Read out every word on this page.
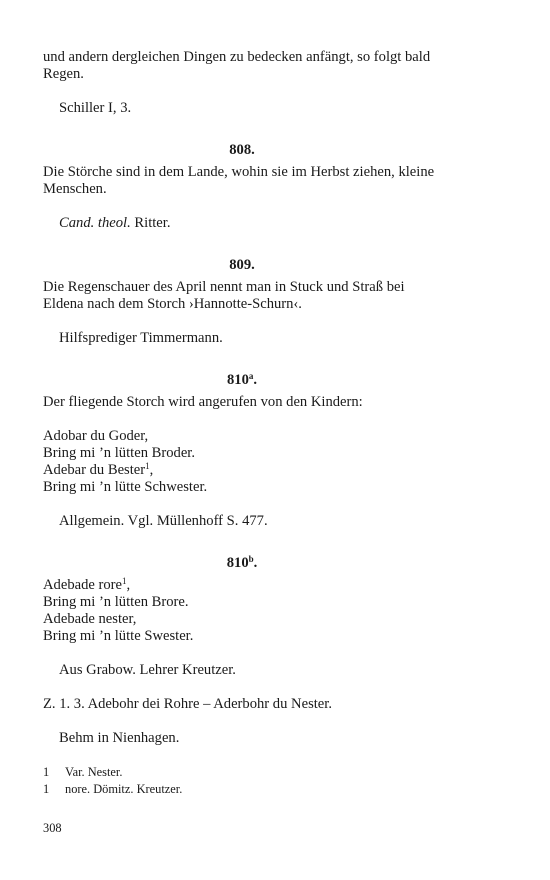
und andern dergleichen Dingen zu bedecken anfängt, so folgt bald Regen.

Schiller I, 3.

808.

Die Störche sind in dem Lande, wohin sie im Herbst ziehen, kleine Menschen.

Cand. theol. Ritter.

809.

Die Regenschauer des April nennt man in Stuck und Straß bei Eldena nach dem Storch ›Hannotte-Schurn‹.

Hilfsprediger Timmermann.

810$^a$.

Der fliegende Storch wird angerufen von den Kindern:

Adobar du Goder,
Bring mi ’n lütten Broder.
Adebar du Bester$^1$,
Bring mi ’n lütte Schwester.

Allgemein. Vgl. Müllenhoff S. 477.

810$^b$.

Adebade rore$^1$,
Bring mi ’n lütten Brore.
Adebade nester,
Bring mi ’n lütte Swester.

Aus Grabow. Lehrer Kreutzer.

Z. 1. 3. Adebohr dei Rohre – Aderbohr du Nester.

Behm in Nienhagen.

1 Var. Nester.
1 nore. Dömitz. Kreutzer.
308
